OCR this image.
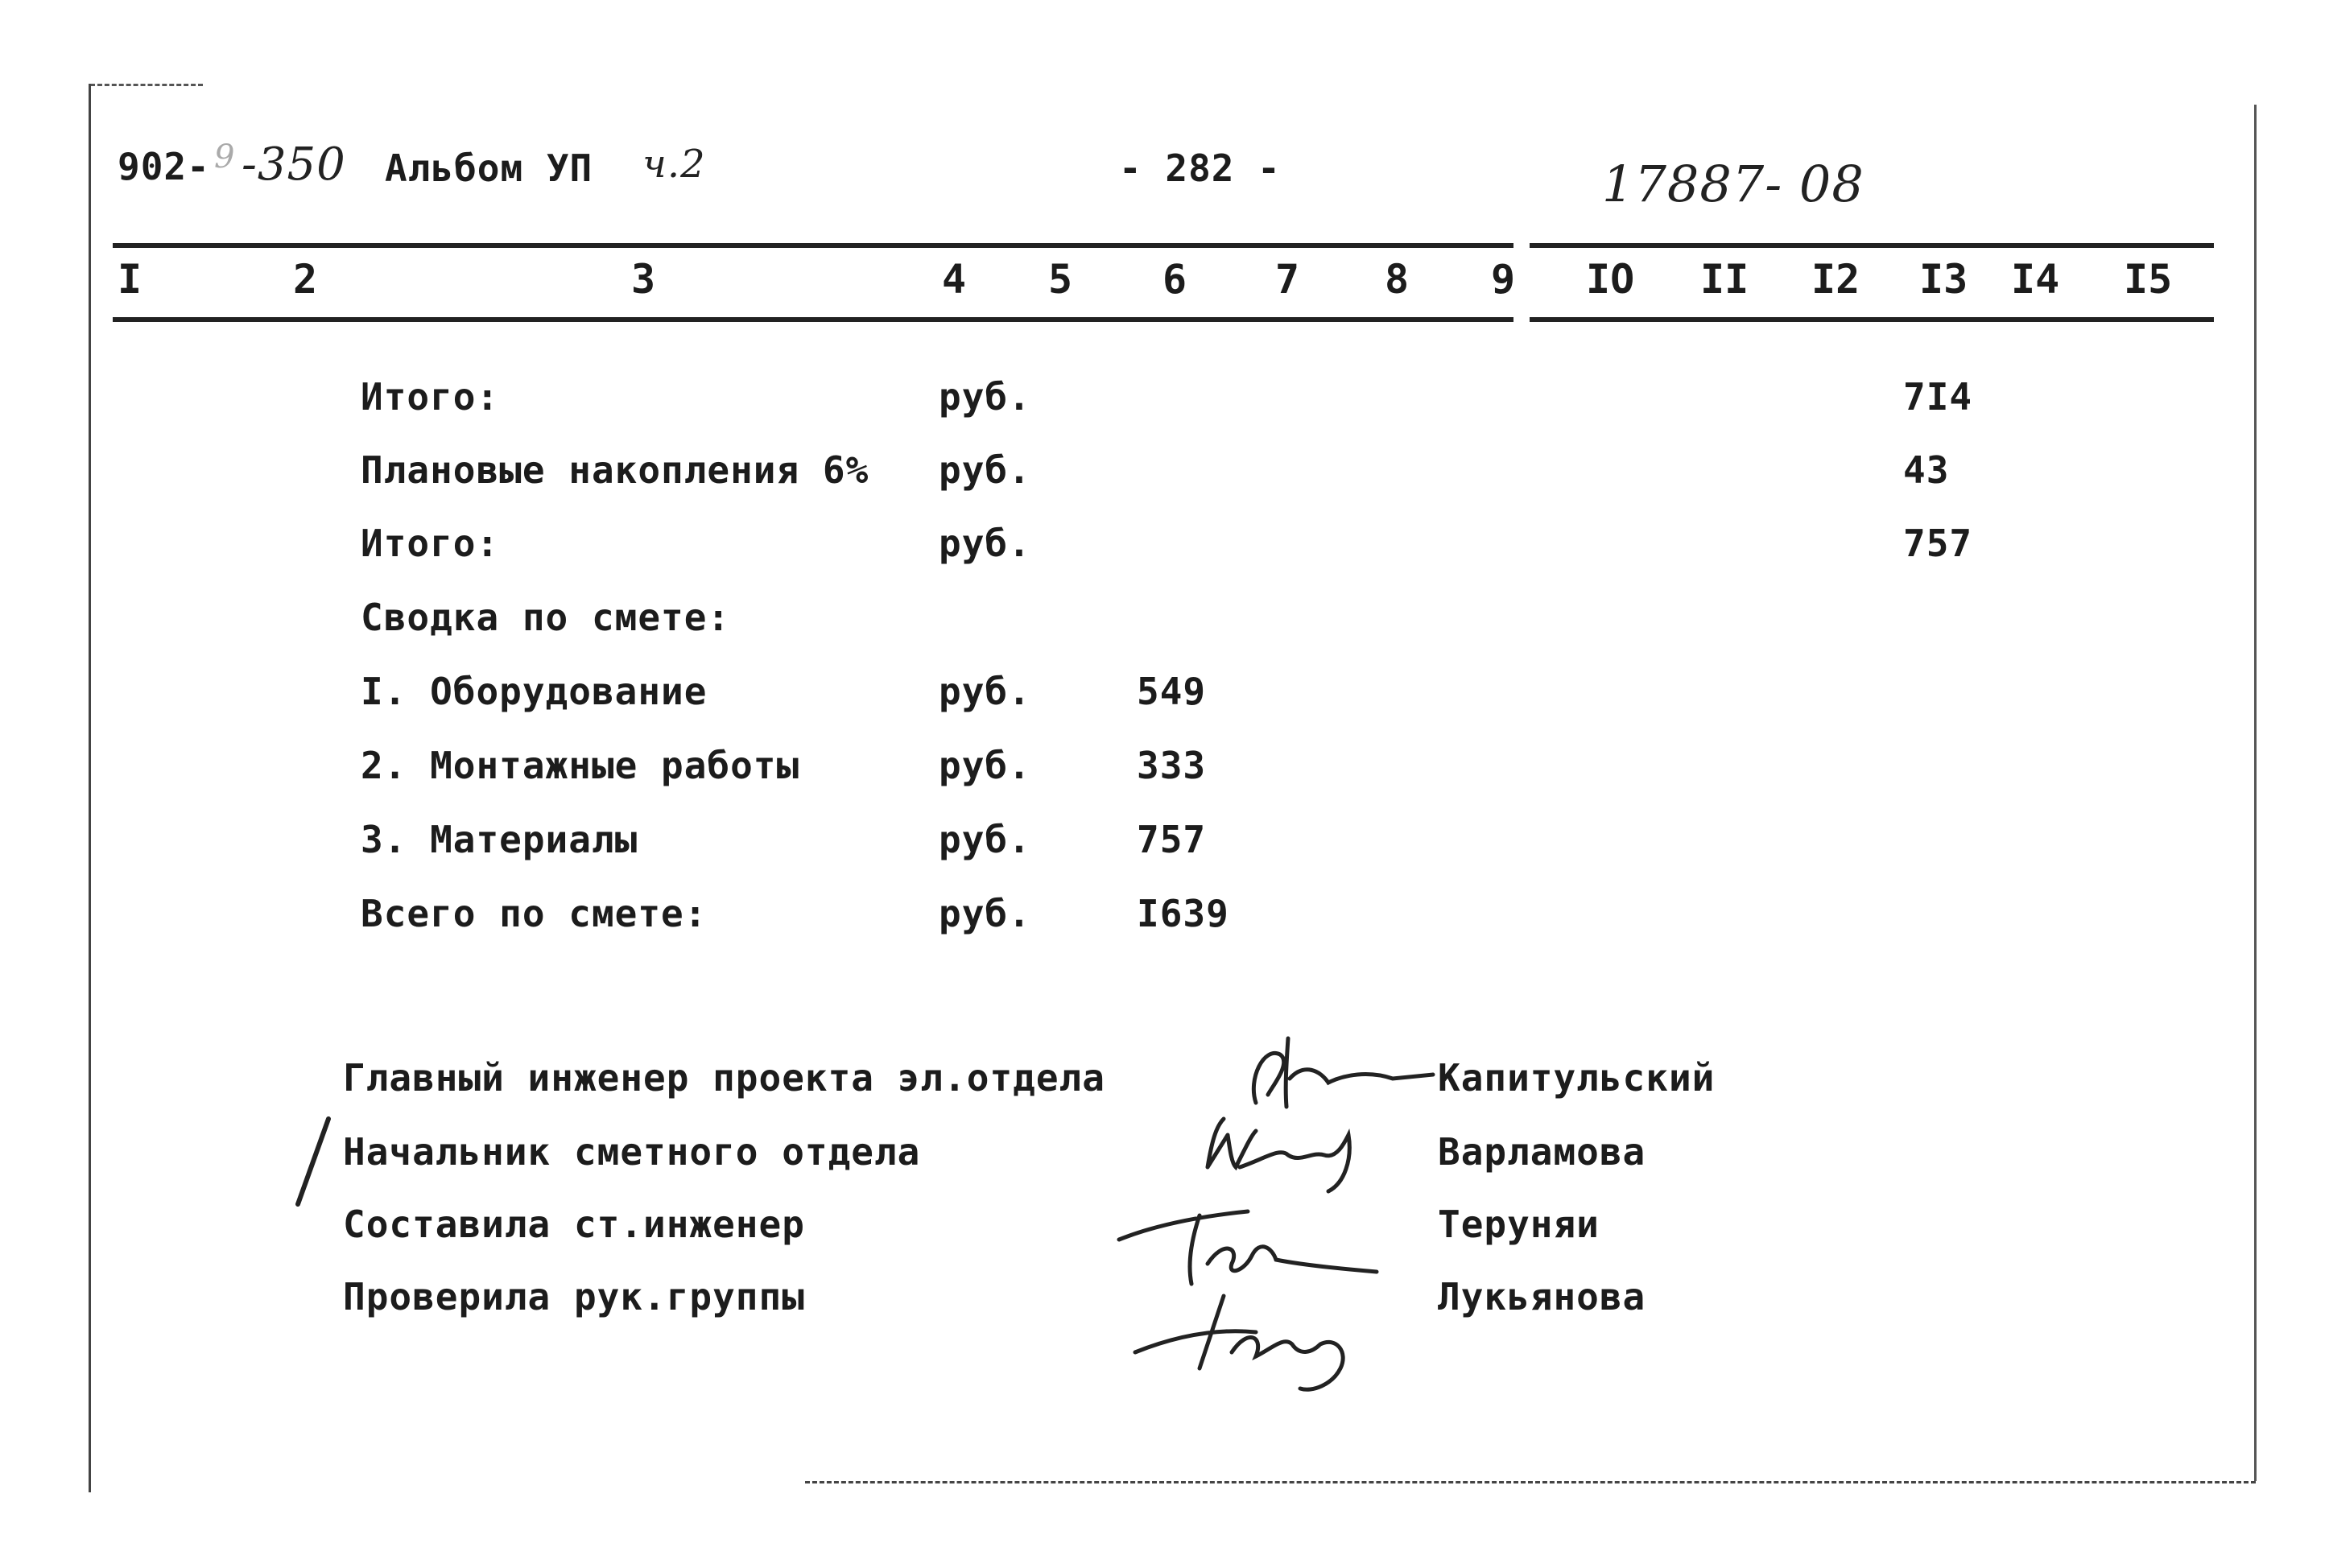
902- 9 -350 Альбом УП ч.2	- 282 -	17887- 08
I	2	3	4 5 6 7 8 9 IO II I2 I3 I4 I5
Итого:	руб.	7I4
Плановые накопления 6% руб.	43
Итого:	руб.	757
Сводка по смете:
I. Оборудование	руб.	549
2. Монтажные работы	руб.	333
3. Материалы	руб.	757
Всего по смете:	руб.	I639
Главный инженер проекта эл.отдела	Капитульский
Начальник сметного отдела	Варламова
Составила ст.инженер	Теруняи
Проверила рук.группы	Лукьянова
